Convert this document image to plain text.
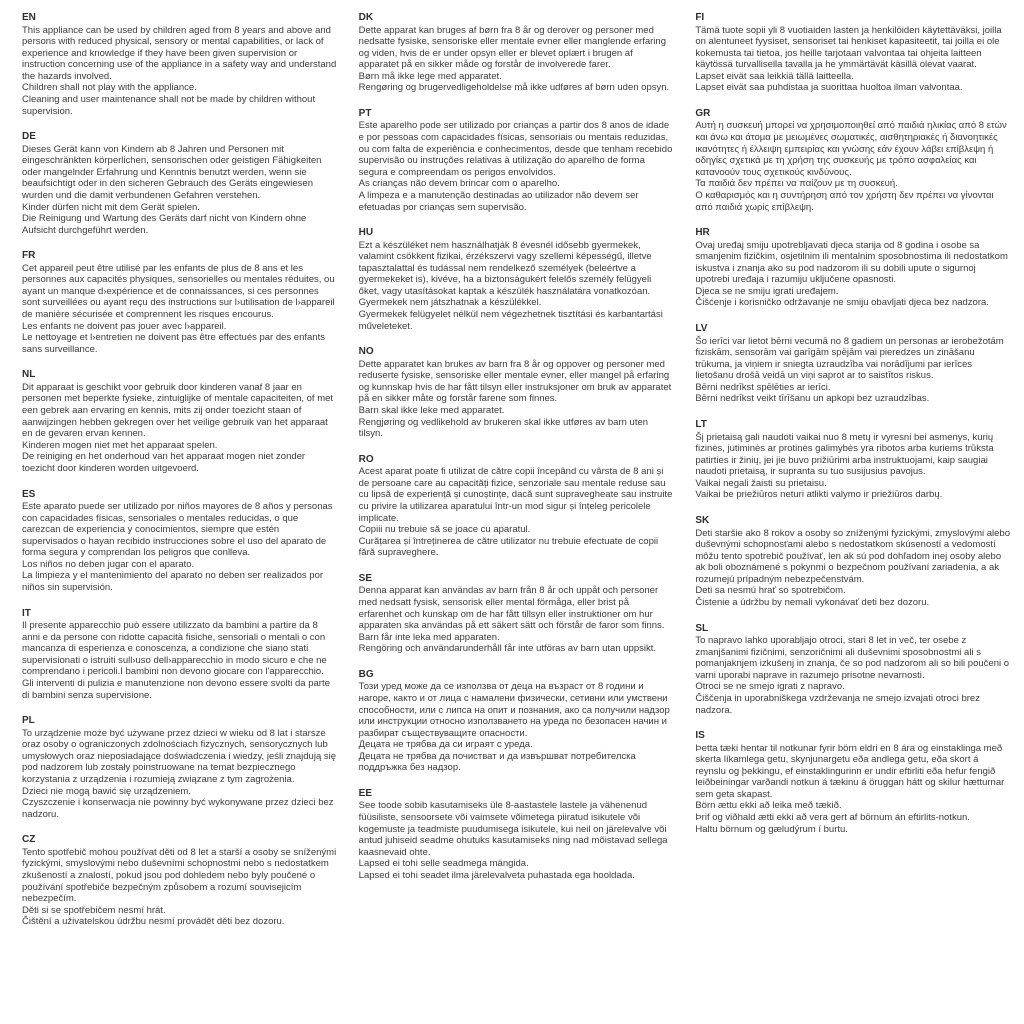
EN

This appliance can be used by children aged from 8 years and above and persons with reduced physical, sensory or mental capabilities, or lack of experience and knowledge if they have been given supervision or instruction concerning use of the appliance in a safety way and understand the hazards involved.

Children shall not play with the appliance.

Cleaning and user maintenance shall not be made by children without supervision.

DE

Dieses Gerät kann von Kindern ab 8 Jahren und Personen mit eingeschränkten körperlichen, sensorischen oder geistigen Fähigkeiten oder mangelnder Erfahrung und Kenntnis benutzt werden, wenn sie beaufsichtigt oder in den sicheren Gebrauch des Geräts eingewiesen wurden und die damit verbundenen Gefahren verstehen.

Kinder dürfen nicht mit dem Gerät spielen.

Die Reinigung und Wartung des Geräts darf nicht von Kindern ohne Aufsicht durchgeführt werden.

FR

Cet appareil peut être utilisé par les enfants de plus de 8 ans et les personnes aux capacités physiques, sensorielles ou mentales réduites, ou ayant un manque d›expérience et de connaissances, si ces personnes sont surveillées ou ayant reçu des instructions sur l›utilisation de l›appareil de manière sécurisée et comprennent les risques encourus.

Les enfants ne doivent pas jouer avec l›appareil.

Le nettoyage et l›entretien ne doivent pas être effectués par des enfants sans surveillance.

NL

Dit apparaat is geschikt voor gebruik door kinderen vanaf 8 jaar en personen met beperkte fysieke, zintuiglijke of mentale capaciteiten, of met een gebrek aan ervaring en kennis, mits zij onder toezicht staan of aanwijzingen hebben gekregen over het veilige gebruik van het apparaat en de gevaren ervan kennen.

Kinderen mogen niet met het apparaat spelen.

De reiniging en het onderhoud van het apparaat mogen niet zonder toezicht door kinderen worden uitgevoerd.

ES

Este aparato puede ser utilizado por niños mayores de 8 años y personas con capacidades físicas, sensoriales o mentales reducidas, o que carezcan de experiencia y conocimientos, siempre que estén supervisados o hayan recibido instrucciones sobre el uso del aparato de forma segura y comprendan los peligros que conlleva.

Los niños no deben jugar con el aparato.

La limpieza y el mantenimiento del aparato no deben ser realizados por niños sin supervisión.

IT

Il presente apparecchio può essere utilizzato da bambini a partire da 8 anni e da persone con ridotte capacità fisiche, sensoriali o mentali o con mancanza di esperienza e conoscenza, a condizione che siano stati supervisionati o istruiti sull›uso dell›apparecchio in modo sicuro e che ne comprendano i pericoli.I bambini non devono giocare con l'apparecchio.

Gli interventi di pulizia e manutenzione non devono essere svolti da parte di bambini senza supervisione.

PL

To urządzenie może być używane przez dzieci w wieku od 8 lat i starsze oraz osoby o ograniczonych zdolnościach fizycznych, sensorycznych lub umysłowych oraz nieposiadające doświadczenia i wiedzy, jeśli znajdują się pod nadzorem lub zostały poinstruowane na temat bezpiecznego korzystania z urządzenia i rozumieją związane z tym zagrożenia.

Dzieci nie mogą bawić się urządzeniem.

Czyszczenie i konserwacja nie powinny być wykonywane przez dzieci bez nadzoru.

CZ

Tento spotřebič mohou používat děti od 8 let a starší a osoby se sníženými fyzickými, smyslovými nebo duševními schopnostmi nebo s nedostatkem zkušeností a znalostí, pokud jsou pod dohledem nebo byly poučené o používání spotřebiče bezpečným způsobem a rozumí souvisejicím nebezpečím.

Děti si se spotřebičem nesmí hrát.

Čištění a uživatelskou údržbu nesmí provádět děti bez dozoru.

DK

Dette apparat kan bruges af børn fra 8 år og derover og personer med nedsatte fysiske, sensoriske eller mentale evner eller manglende erfaring og viden, hvis de er under opsyn eller er blevet oplært i brugen af apparatet på en sikker måde og forstår de involverede farer.

Børn må ikke lege med apparatet.

Rengøring og brugervedligeholdelse må ikke udføres af børn uden opsyn.

PT

Este aparelho pode ser utilizado por crianças a partir dos 8 anos de idade e por pessoas com capacidades físicas, sensoriais ou mentais reduzidas, ou com falta de experiência e conhecimentos, desde que tenham recebido supervisão ou instruções relativas à utilização do aparelho de forma segura e compreendam os perigos envolvidos.

As crianças não devem brincar com o aparelho.

A limpeza e a manutenção destinadas ao utilizador não devem ser efetuadas por crianças sem supervisão.

HU

Ezt a készüléket nem használhatják 8 évesnél idősebb gyermekek, valamint csökkent fizikai, érzékszervi vagy szellemi képességű, illetve tapasztalattal és tudással nem rendelkező személyek (beleértve a gyermekeket is), kivéve, ha a biztonságukért felelős személy felügyeli őket, vagy utasításokat kaptak a készülék használatára vonatkozóan.

Gyermekek nem játszhatnak a készülékkel.

Gyermekek felügyelet nélkül nem végezhetnek tisztítási és karbantartási műveleteket.

NO

Dette apparatet kan brukes av barn fra 8 år og oppover og personer med reduserte fysiske, sensoriske eller mentale evner, eller mangel på erfaring og kunnskap hvis de har fått tilsyn eller instruksjoner om bruk av apparatet på en sikker måte og forstår farene som finnes.

Barn skal ikke leke med apparatet.

Rengjøring og vedlikehold av brukeren skal ikke utføres av barn uten tilsyn.

RO

Acest aparat poate fi utilizat de către copii începând cu vârsta de 8 ani și de persoane care au capacități fizice, senzoriale sau mentale reduse sau cu lipsă de experiență și cunoștințe, dacă sunt supravegheate sau instruite cu privire la utilizarea aparatului într-un mod sigur și înțeleg pericolele implicate.

Copiii nu trebuie să se joace cu aparatul.

Curățarea și întreținerea de către utilizator nu trebuie efectuate de copii fără supraveghere.

SE

Denna apparat kan användas av barn från 8 år och uppåt och personer med nedsatt fysisk, sensorisk eller mental förmåga, eller brist på erfarenhet och kunskap om de har fått tillsyn eller instruktioner om hur apparaten ska användas på ett säkert sätt och förstår de faror som finns.

Barn får inte leka med apparaten.

Rengöring och användarunderhåll får inte utföras av barn utan uppsikt.

BG

Този уред може да се използва от деца на възраст от 8 години и нагоре, както и от лица с намалени физически, сетивни или умствени способности, или с липса на опит и познания, ако са получили надзор или инструкции относно използването на уреда по безопасен начин и разбират съществуващите опасности.

Децата не трябва да си играят с уреда.

Децата не трябва да почистват и да извършват потребителска поддръжка без надзор.

EE

See toode sobib kasutamiseks üle 8-aastastele lastele ja vähenenud füüsiliste, sensoorsete või vaimsete võimetega piiratud isikutele või kogemuste ja teadmiste puudumisega isikutele, kui neil on järelevalve või antud juhiseid seadme ohutuks kasutamiseks ning nad mõistavad sellega kaasnevaid ohte.

Lapsed ei tohi selle seadmega mängida.

Lapsed ei tohi seadet ilma järelevalveta puhastada ega hooldada.

FI

Tämä tuote sopii yli 8 vuotiaiden lasten ja henkilöiden käytettäväksi, joilla on alentuneet fyysiset, sensoriset tai henkiset kapasiteetit, tai joilla ei ole kokemusta tai tietoa, jos heille tarjotaan valvontaa tai ohjeita laitteen käytössä turvallisella tavalla ja he ymmärtävät käsillä olevat vaarat.

Lapset eivät saa leikkiä tällä laitteella.

Lapset eivät saa puhdistaa ja suorittaa huoltoa ilman valvontaa.

GR

Αυτή η συσκευή μπορεί να χρησιμοποιηθεί από παιδιά ηλικίας από 8 ετών και άνω και άτομα με μειωμένες σωματικές, αισθητηριακές ή διανοητικές ικανότητες ή έλλειψη εμπειρίας και γνώσης εάν έχουν λάβει επίβλεψη ή οδηγίες σχετικά με τη χρήση της συσκευής με τρόπο ασφαλείας και κατανοούν τους σχετικούς κινδύνους.

Τα παιδιά δεν πρέπει να παίζουν με τη συσκευή.

Ο καθαρισμός και η συντήρηση από τον χρήστη δεν πρέπει να γίνονται από παιδιά χωρίς επίβλεψη.

HR

Ovaj uređaj smiju upotrebljavati djeca starija od 8 godina i osobe sa smanjenim fizičkim, osjetilnim ili mentalnim sposobnostima ili nedostatkom iskustva i znanja ako su pod nadzorom ili su dobili upute o sigurnoj upotrebi uređaja i razumiju uključene opasnosti.

Djeca se ne smiju igrati uređajem.

Čišćenje i korisničko održavanje ne smiju obavljati djeca bez nadzora.

LV

Šo ierīci var lietot bērni vecumā no 8 gadiem un personas ar ierobežotām fiziskām, sensorām vai garīgām spējām vai pieredzes un zināšanu trūkuma, ja viņiem ir sniegta uzraudzība vai norādījumi par ierīces lietošanu drošā veidā un viņi saprot ar to saistītos riskus.

Bērni nedrīkst spēlēties ar ierīci.

Bērni nedrīkst veikt tīrīšanu un apkopi bez uzraudzības.

LT

Šį prietaisą gali naudoti vaikai nuo 8 metų ir vyresni bei asmenys, kurių fizinės, jutiminės ar protinės galimybės yra ribotos arba kuriems trūksta patirties ir žinių, jei jie buvo prižiūrimi arba instruktuojami, kaip saugiai naudoti prietaisą, ir supranta su tuo susijusius pavojus.

Vaikai negali žaisti su prietaisu.

Vaikai be priežiūros neturi atlikti valymo ir priežiūros darbų.

SK

Deti staršie ako 8 rokov a osoby so zníženými fyzickými, zmyslovými alebo duševnými schopnosťami alebo s nedostatkom skúseností a vedomostí môžu tento spotrebič používať, len ak sú pod dohľadom inej osoby alebo ak boli oboznámené s pokynmi o bezpečnom používaní zariadenia, a ak rozumejú prípadným nebezpečenstvám.

Deti sa nesmú hrať so spotrebičom.

Čistenie a údržbu by nemali vykonávať deti bez dozoru.

SL

To napravo lahko uporabljajo otroci, stari 8 let in več, ter osebe z zmanjšanimi fizičnimi, senzoričnimi ali duševnimi sposobnostmi ali s pomanjaknjem izkušenj in znanja, če so pod nadzorom ali so bili poučeni o varni uporabi naprave in razumejo prisotne nevarnosti.

Otroci se ne smejo igrati z napravo.

Čiščenja in uporabniškega vzdrževanja ne smejo izvajati otroci brez nadzora.

IS

Þetta tæki hentar til notkunar fyrir börn eldri en 8 ára og einstaklinga með skerta líkamlega getu, skynjunargetu eða andlega getu, eða skort á reynslu og þekkingu, ef einstaklingurinn er undir eftirliti eða hefur fengið leiðbeiningar varðandi notkun á tækinu á öruggan hátt og skilur hætturnar sem geta skapast.

Börn ættu ekki að leika með tækið.

Þrif og viðhald ætti ekki að vera gert af börnum án eftirlits-notkun.

Haltu börnum og gæludýrum í burtu.
